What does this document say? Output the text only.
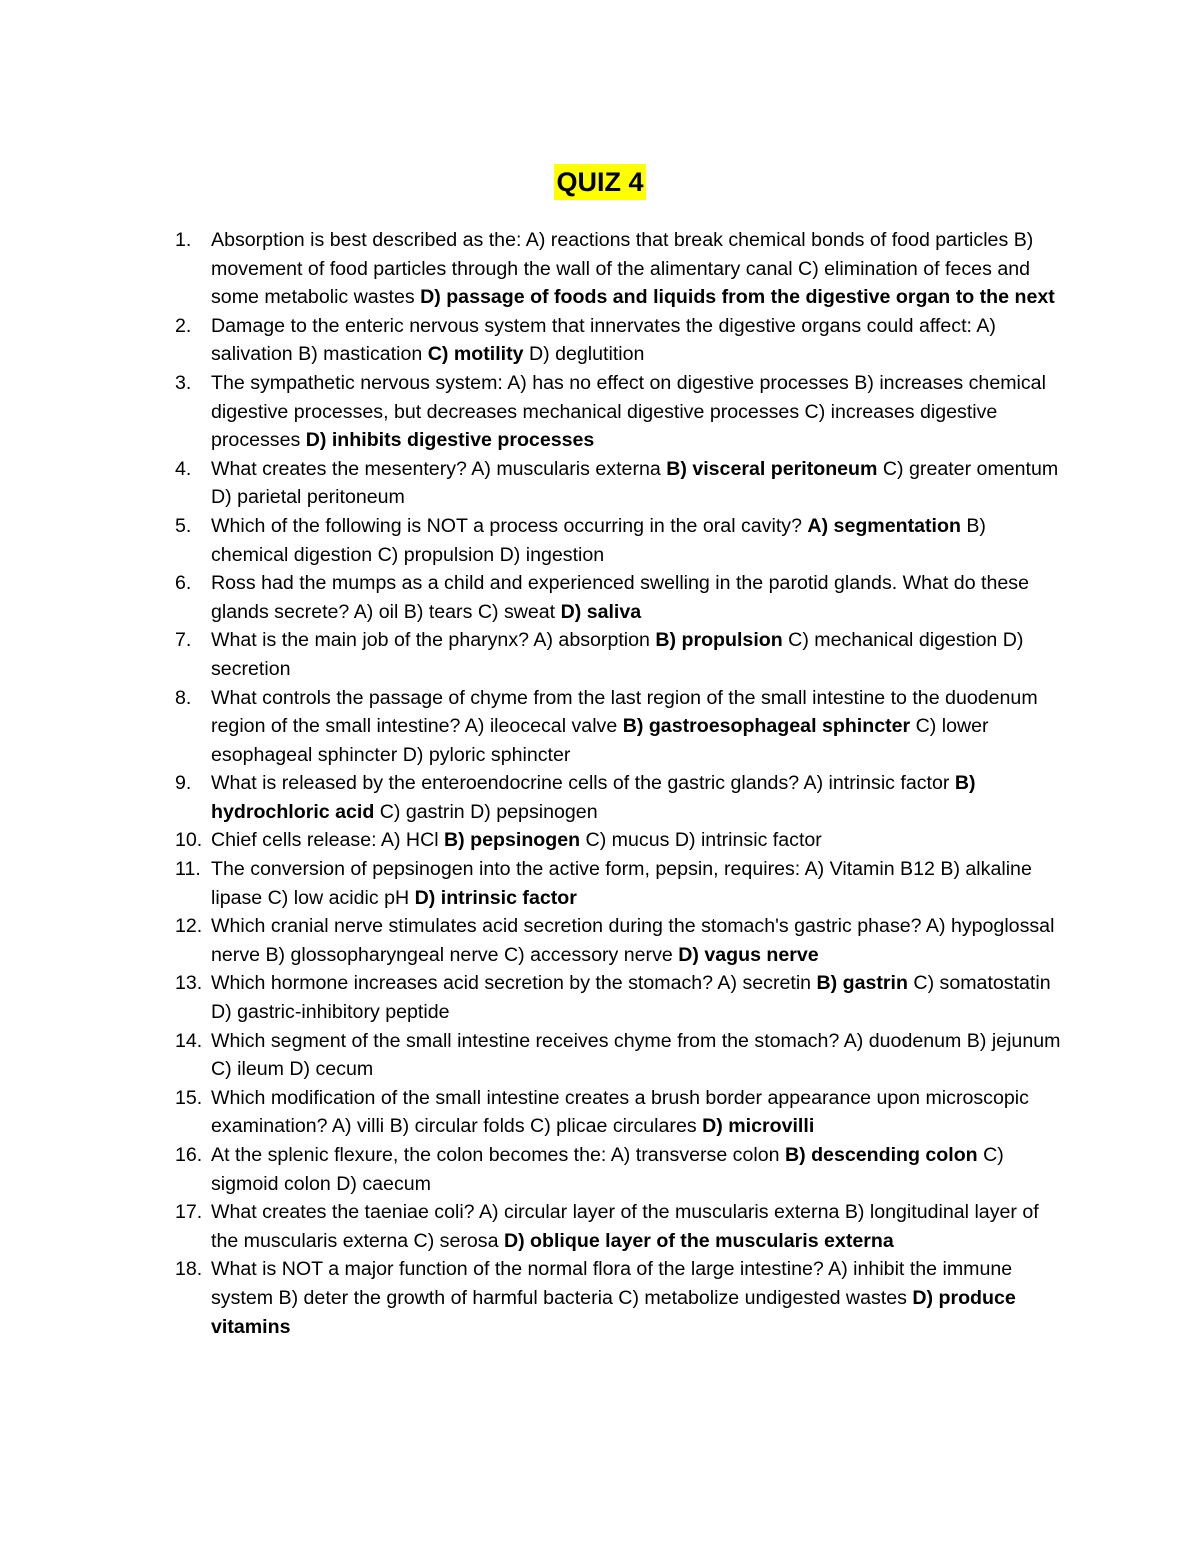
QUIZ 4
1. Absorption is best described as the: A) reactions that break chemical bonds of food particles B) movement of food particles through the wall of the alimentary canal C) elimination of feces and some metabolic wastes D) passage of foods and liquids from the digestive organ to the next
2. Damage to the enteric nervous system that innervates the digestive organs could affect: A) salivation B) mastication C) motility D) deglutition
3. The sympathetic nervous system: A) has no effect on digestive processes B) increases chemical digestive processes, but decreases mechanical digestive processes C) increases digestive processes D) inhibits digestive processes
4. What creates the mesentery? A) muscularis externa B) visceral peritoneum C) greater omentum D) parietal peritoneum
5. Which of the following is NOT a process occurring in the oral cavity? A) segmentation B) chemical digestion C) propulsion D) ingestion
6. Ross had the mumps as a child and experienced swelling in the parotid glands. What do these glands secrete? A) oil B) tears C) sweat D) saliva
7. What is the main job of the pharynx? A) absorption B) propulsion C) mechanical digestion D) secretion
8. What controls the passage of chyme from the last region of the small intestine to the duodenum region of the small intestine? A) ileocecal valve B) gastroesophageal sphincter C) lower esophageal sphincter D) pyloric sphincter
9. What is released by the enteroendocrine cells of the gastric glands? A) intrinsic factor B) hydrochloric acid C) gastrin D) pepsinogen
10. Chief cells release: A) HCl B) pepsinogen C) mucus D) intrinsic factor
11. The conversion of pepsinogen into the active form, pepsin, requires: A) Vitamin B12 B) alkaline lipase C) low acidic pH D) intrinsic factor
12. Which cranial nerve stimulates acid secretion during the stomach's gastric phase? A) hypoglossal nerve B) glossopharyngeal nerve C) accessory nerve D) vagus nerve
13. Which hormone increases acid secretion by the stomach? A) secretin B) gastrin C) somatostatin D) gastric-inhibitory peptide
14. Which segment of the small intestine receives chyme from the stomach? A) duodenum B) jejunum C) ileum D) cecum
15. Which modification of the small intestine creates a brush border appearance upon microscopic examination? A) villi B) circular folds C) plicae circulares D) microvilli
16. At the splenic flexure, the colon becomes the: A) transverse colon B) descending colon C) sigmoid colon D) caecum
17. What creates the taeniae coli? A) circular layer of the muscularis externa B) longitudinal layer of the muscularis externa C) serosa D) oblique layer of the muscularis externa
18. What is NOT a major function of the normal flora of the large intestine? A) inhibit the immune system B) deter the growth of harmful bacteria C) metabolize undigested wastes D) produce vitamins
